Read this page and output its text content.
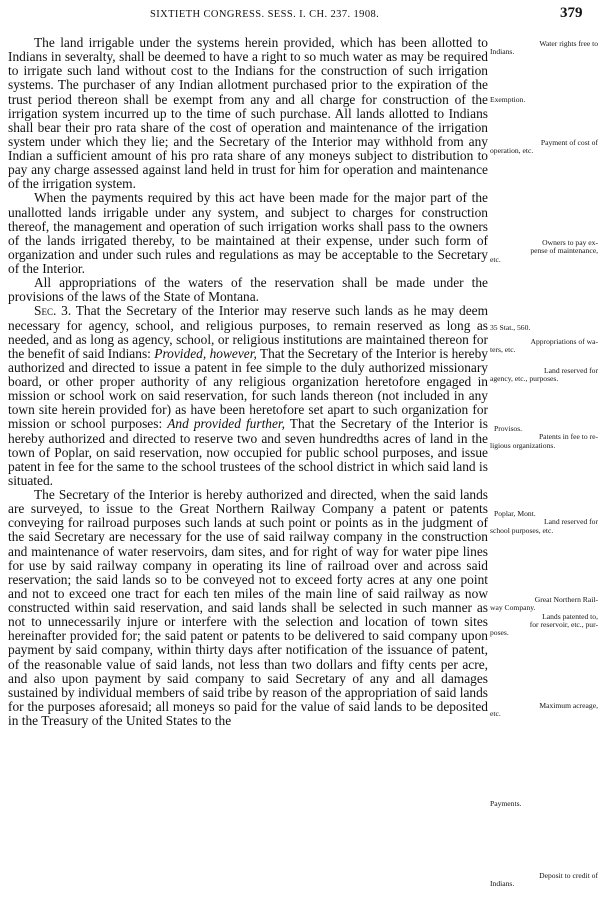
SIXTIETH CONGRESS. SESS. I. CH. 237. 1908.	379

The land irrigable under the systems herein provided, which has been allotted to Indians in severalty, shall be deemed to have a right to so much water as may be required to irrigate such land without cost to the Indians for the construction of such irrigation systems. The purchaser of any Indian allotment purchased prior to the expiration of the trust period thereon shall be exempt from any and all charge for construction of the irrigation system incurred up to the time of such purchase. All lands allotted to Indians shall bear their pro rata share of the cost of operation and maintenance of the irrigation system under which they lie; and the Secretary of the Interior may withhold from any Indian a sufficient amount of his pro rata share of any moneys subject to distribution to pay any charge assessed against land held in trust for him for operation and maintenance of the irrigation system.

When the payments required by this act have been made for the major part of the unallotted lands irrigable under any system, and subject to charges for construction thereof, the management and operation of such irrigation works shall pass to the owners of the lands irrigated thereby, to be maintained at their expense, under such form of organization and under such rules and regulations as may be acceptable to the Secretary of the Interior.

All appropriations of the waters of the reservation shall be made under the provisions of the laws of the State of Montana.

Sec. 3. That the Secretary of the Interior may reserve such lands as he may deem necessary for agency, school, and religious purposes, to remain reserved as long as needed, and as long as agency, school, or religious institutions are maintained thereon for the benefit of said Indians: Provided, however, That the Secretary of the Interior is hereby authorized and directed to issue a patent in fee simple to the duly authorized missionary board, or other proper authority of any religious organization heretofore engaged in mission or school work on said reservation, for such lands thereon (not included in any town site herein provided for) as have been heretofore set apart to such organization for mission or school purposes: And provided further, That the Secretary of the Interior is hereby authorized and directed to reserve two and seven hundredths acres of land in the town of Poplar, on said reservation, now occupied for public school purposes, and issue patent in fee for the same to the school trustees of the school district in which said land is situated.

The Secretary of the Interior is hereby authorized and directed, when the said lands are surveyed, to issue to the Great Northern Railway Company a patent or patents conveying for railroad purposes such lands at such point or points as in the judgment of the said Secretary are necessary for the use of said railway company in the construction and maintenance of water reservoirs, dam sites, and for right of way for water pipe lines for use by said railway company in operating its line of railroad over and across said reservation; the said lands so to be conveyed not to exceed forty acres at any one point and not to exceed one tract for each ten miles of the main line of said railway as now constructed within said reservation, and said lands shall be selected in such manner as not to unnecessarily injure or interfere with the selection and location of town sites hereinafter provided for; the said patent or patents to be delivered to said company upon payment by said company, within thirty days after notification of the issuance of patent, of the reasonable value of said lands, not less than two dollars and fifty cents per acre, and also upon payment by said company to said Secretary of any and all damages sustained by individual members of said tribe by reason of the appropriation of said lands for the purposes aforesaid; all moneys so paid for the value of said lands to be deposited in the Treasury of the United States to the

Water rights free to
Indians.
Exemption.
Payment of cost of
operation, etc.
Owners to pay ex-
pense of maintenance,
etc.
35 Stat., 560.
Appropriations of wa-
ters, etc.
Land reserved for
agency, etc., purposes.
Provisos.
Patents in fee to re-
ligious organizations.
Poplar, Mont.
Land reserved for
school purposes, etc.
Great Northern Rail-
way Company.
Lands patented to,
for reservoir, etc., pur-
poses.
Maximum acreage,
etc.
Payments.
Deposit to credit of
Indians.
